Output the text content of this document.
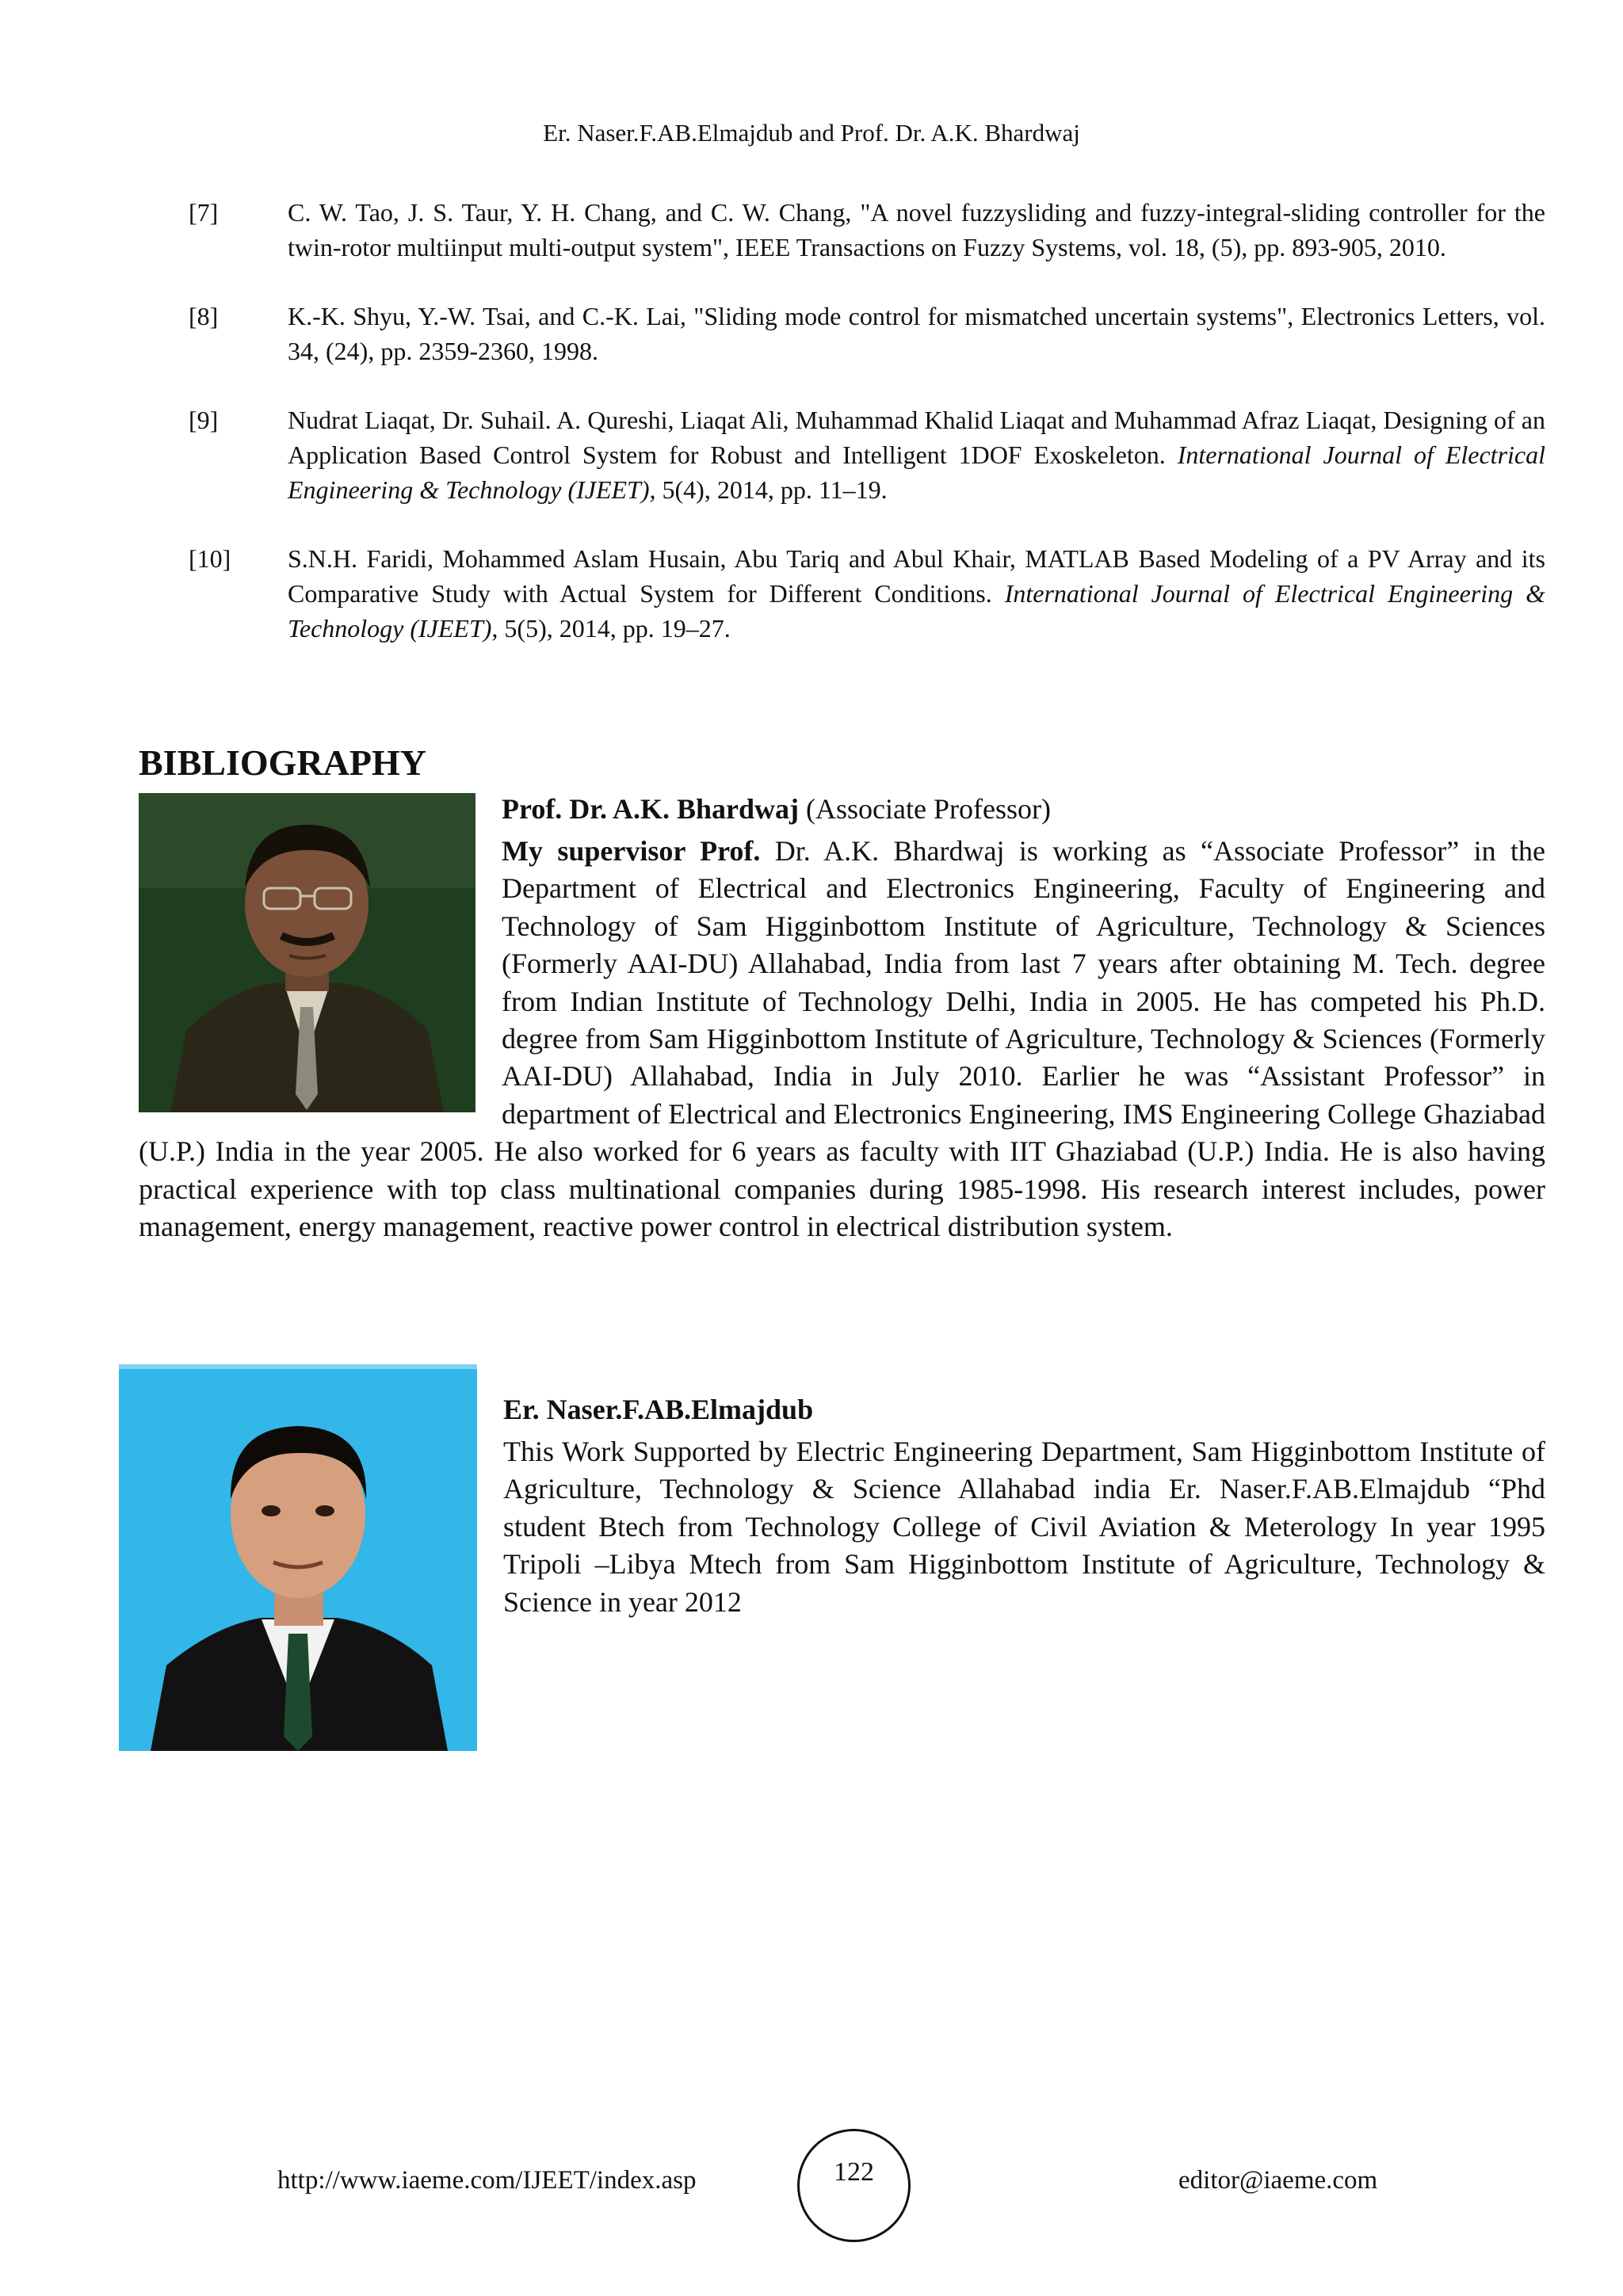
Er. Naser.F.AB.Elmajdub and Prof. Dr. A.K. Bhardwaj
[7]	C. W. Tao, J. S. Taur, Y. H. Chang, and C. W. Chang, "A novel fuzzysliding and fuzzy-integral-sliding controller for the twin-rotor multiinput multi-output system", IEEE Transactions on Fuzzy Systems, vol. 18, (5), pp. 893-905, 2010.
[8]	K.-K. Shyu, Y.-W. Tsai, and C.-K. Lai, "Sliding mode control for mismatched uncertain systems", Electronics Letters, vol. 34, (24), pp. 2359-2360, 1998.
[9]	Nudrat Liaqat, Dr. Suhail. A. Qureshi, Liaqat Ali, Muhammad Khalid Liaqat and Muhammad Afraz Liaqat, Designing of an Application Based Control System for Robust and Intelligent 1DOF Exoskeleton. International Journal of Electrical Engineering & Technology (IJEET), 5(4), 2014, pp. 11–19.
[10] S.N.H. Faridi, Mohammed Aslam Husain, Abu Tariq and Abul Khair, MATLAB Based Modeling of a PV Array and its Comparative Study with Actual System for Different Conditions. International Journal of Electrical Engineering & Technology (IJEET), 5(5), 2014, pp. 19–27.
BIBLIOGRAPHY

Prof. Dr. A.K. Bhardwaj (Associate Professor)

My supervisor Prof. Dr. A.K. Bhardwaj is working as “Associate Professor” in the Department of Electrical and Electronics Engineering, Faculty of Engineering and Technology of Sam Higginbottom Institute of Agriculture, Technology & Sciences (Formerly AAI-DU) Allahabad, India from last 7 years after obtaining M. Tech. degree from Indian Institute of Technology Delhi, India in 2005. He has competed his Ph.D. degree from Sam Higginbottom Institute of Agriculture, Technology & Sciences (Formerly AAI-DU) Allahabad, India in July 2010. Earlier he was “Assistant Professor” in department of Electrical and Electronics Engineering, IMS Engineering College Ghaziabad (U.P.) India in the year 2005. He also worked for 6 years as faculty with IIT Ghaziabad (U.P.) India. He is also having practical experience with top class multinational companies during 1985-1998. His research interest includes, power management, energy management, reactive power control in electrical distribution system.

Er. Naser.F.AB.Elmajdub

This Work Supported by Electric Engineering Department, Sam Higginbottom Institute of Agriculture, Technology & Science Allahabad india Er. Naser.F.AB.Elmajdub “Phd student Btech from Technology College of Civil Aviation & Meterology In year 1995 Tripoli –Libya Mtech from Sam Higginbottom Institute of Agriculture, Technology & Science in year 2012

http://www.iaeme.com/IJEET/index.asp	122	editor@iaeme.com
